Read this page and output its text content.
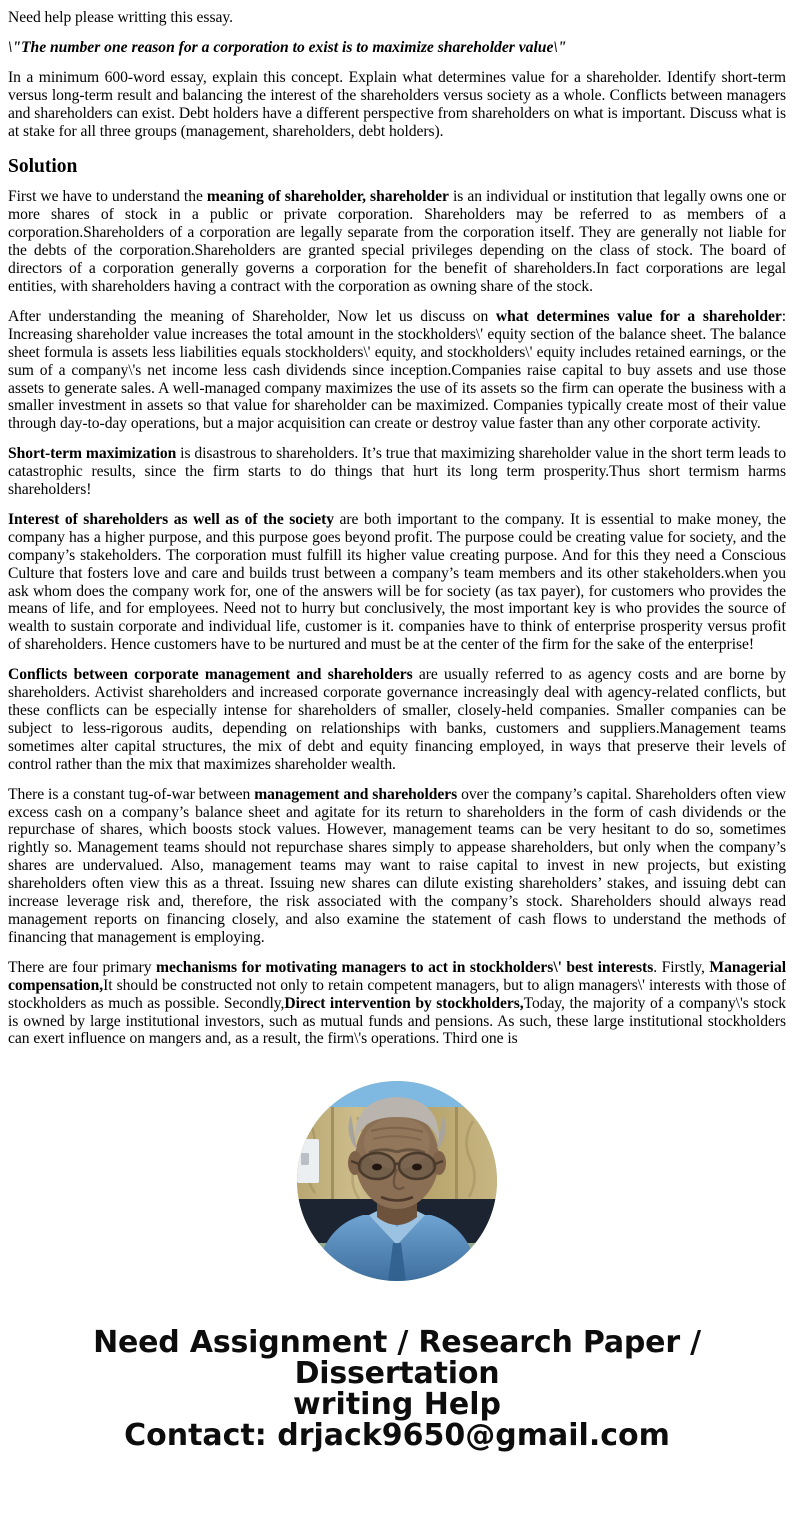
Need help please writting this essay.

\"The number one reason for a corporation to exist is to maximize shareholder value\"

In a minimum 600-word essay, explain this concept. Explain what determines value for a shareholder. Identify short-term versus long-term result and balancing the interest of the shareholders versus society as a whole. Conflicts between managers and shareholders can exist. Debt holders have a different perspective from shareholders on what is important. Discuss what is at stake for all three groups (management, shareholders, debt holders).

Solution

First we have to understand the meaning of shareholder, shareholder is an individual or institution that legally owns one or more shares of stock in a public or private corporation. Shareholders may be referred to as members of a corporation.Shareholders of a corporation are legally separate from the corporation itself. They are generally not liable for the debts of the corporation.Shareholders are granted special privileges depending on the class of stock. The board of directors of a corporation generally governs a corporation for the benefit of shareholders.In fact corporations are legal entities, with shareholders having a contract with the corporation as owning share of the stock.

After understanding the meaning of Shareholder, Now let us discuss on what determines value for a shareholder: Increasing shareholder value increases the total amount in the stockholders\' equity section of the balance sheet. The balance sheet formula is assets less liabilities equals stockholders\' equity, and stockholders\' equity includes retained earnings, or the sum of a company\'s net income less cash dividends since inception.Companies raise capital to buy assets and use those assets to generate sales. A well-managed company maximizes the use of its assets so the firm can operate the business with a smaller investment in assets so that value for shareholder can be maximized. Companies typically create most of their value through day-to-day operations, but a major acquisition can create or destroy value faster than any other corporate activity.

Short-term maximization is disastrous to shareholders. It’s true that maximizing shareholder value in the short term leads to catastrophic results, since the firm starts to do things that hurt its long term prosperity.Thus short termism harms shareholders!

Interest of shareholders as well as of the society are both important to the company. It is essential to make money, the company has a higher purpose, and this purpose goes beyond profit. The purpose could be creating value for society, and the company’s stakeholders. The corporation must fulfill its higher value creating purpose. And for this they need a Conscious Culture that fosters love and care and builds trust between a company’s team members and its other stakeholders.when you ask whom does the company work for, one of the answers will be for society (as tax payer), for customers who provides the means of life, and for employees. Need not to hurry but conclusively, the most important key is who provides the source of wealth to sustain corporate and individual life, customer is it. companies have to think of enterprise prosperity versus profit of shareholders. Hence customers have to be nurtured and must be at the center of the firm for the sake of the enterprise!

Conflicts between corporate management and shareholders are usually referred to as agency costs and are borne by shareholders. Activist shareholders and increased corporate governance increasingly deal with agency-related conflicts, but these conflicts can be especially intense for shareholders of smaller, closely-held companies. Smaller companies can be subject to less-rigorous audits, depending on relationships with banks, customers and suppliers.Management teams sometimes alter capital structures, the mix of debt and equity financing employed, in ways that preserve their levels of control rather than the mix that maximizes shareholder wealth.

There is a constant tug-of-war between management and shareholders over the company’s capital. Shareholders often view excess cash on a company’s balance sheet and agitate for its return to shareholders in the form of cash dividends or the repurchase of shares, which boosts stock values. However, management teams can be very hesitant to do so, sometimes rightly so. Management teams should not repurchase shares simply to appease shareholders, but only when the company’s shares are undervalued. Also, management teams may want to raise capital to invest in new projects, but existing shareholders often view this as a threat. Issuing new shares can dilute existing shareholders’ stakes, and issuing debt can increase leverage risk and, therefore, the risk associated with the company’s stock. Shareholders should always read management reports on financing closely, and also examine the statement of cash flows to understand the methods of financing that management is employing.

There are four primary mechanisms for motivating managers to act in stockholders\' best interests. Firstly, Managerial compensation,It should be constructed not only to retain competent managers, but to align managers\' interests with those of stockholders as much as possible. Secondly,Direct intervention by stockholders,Today, the majority of a company\'s stock is owned by large institutional investors, such as mutual funds and pensions. As such, these large institutional stockholders can exert influence on mangers and, as a result, the firm\'s operations. Third one is

Need Assignment / Research Paper / Dissertation
writing Help
Contact: drjack9650@gmail.com
